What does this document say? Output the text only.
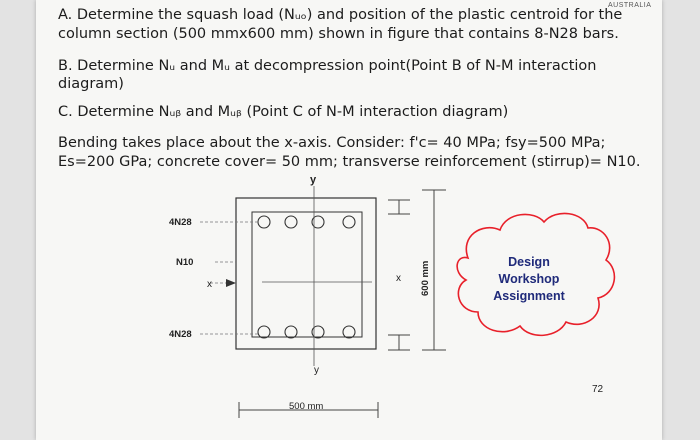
AUSTRALIA
A. Determine the squash load (Nᵤₒ) and position of the plastic centroid for the
column section (500 mmx600 mm) shown in figure that contains 8-N28 bars.
B. Determine Nᵤ and Mᵤ at decompression point(Point B of N-M interaction
diagram)
C. Determine Nᵤᵦ and Mᵤᵦ (Point C of N-M interaction diagram)
Bending takes place about the x-axis. Consider: f'c= 40 MPa; fsy=500 MPa;
Es=200 GPa; concrete cover= 50 mm; transverse reinforcement (stirrup)= N10.
4N28
N10
4N28
x
x
y
y
600 mm
500 mm
72
Design
Workshop
Assignment
